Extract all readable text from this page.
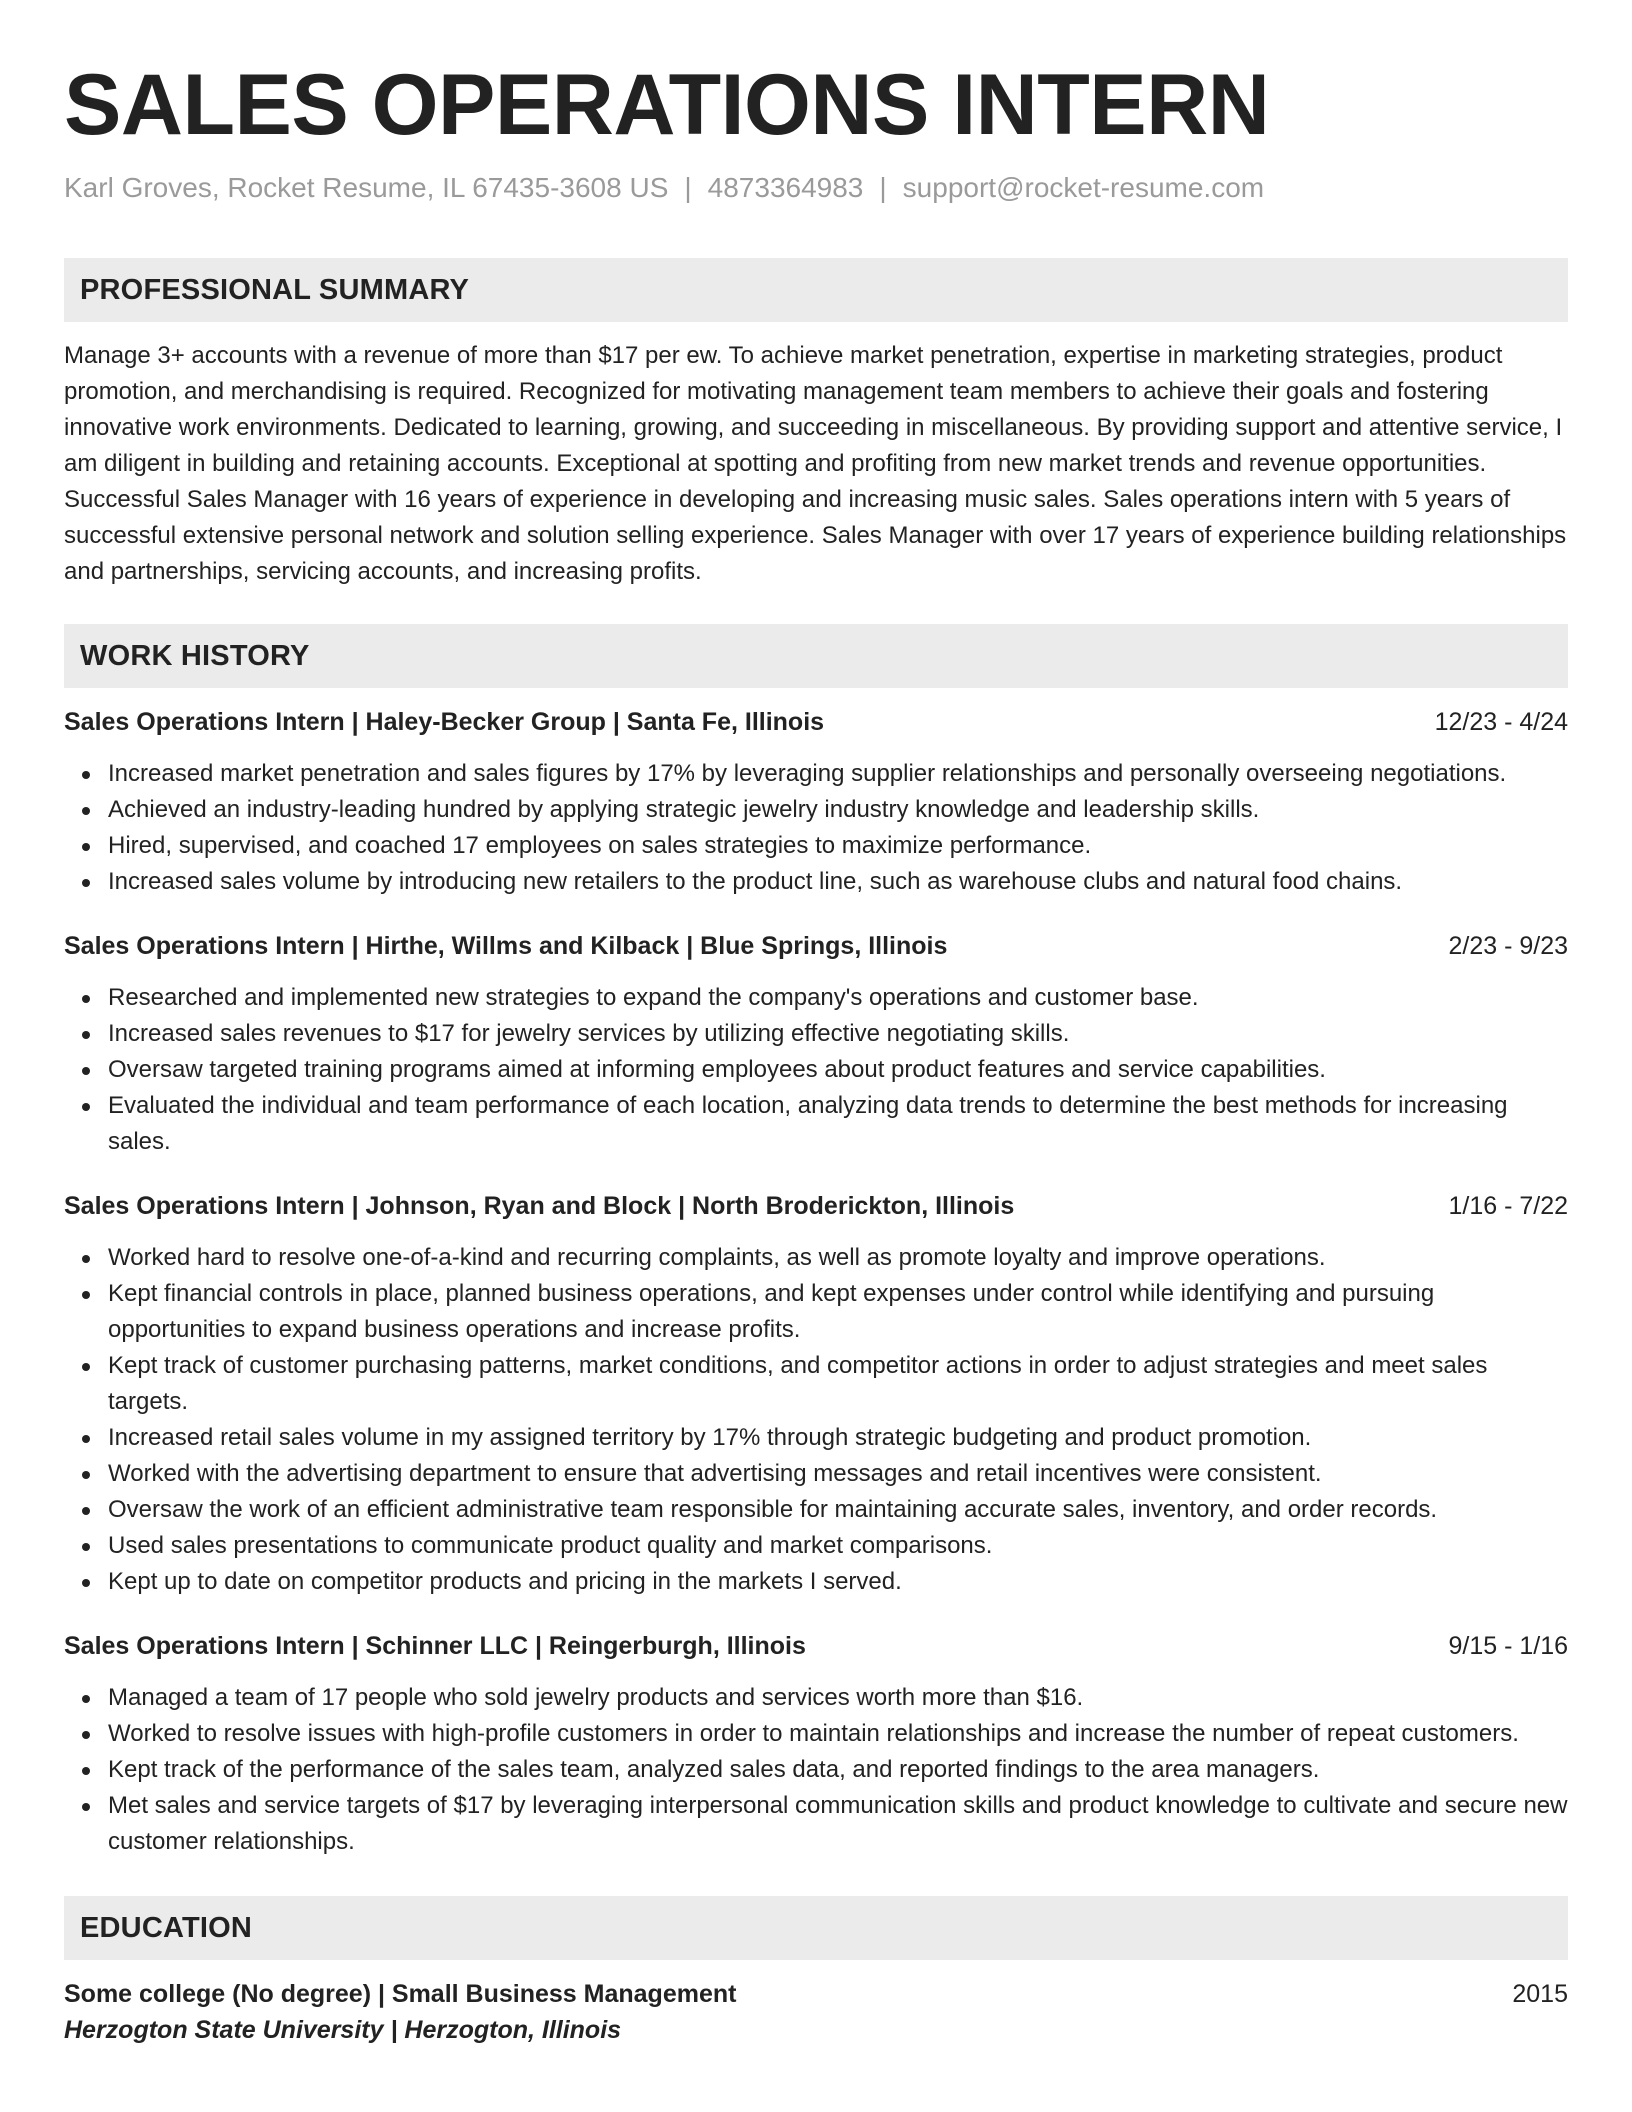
SALES OPERATIONS INTERN
Karl Groves, Rocket Resume, IL 67435-3608 US | 4873364983 | support@rocket-resume.com
PROFESSIONAL SUMMARY

Manage 3+ accounts with a revenue of more than $17 per ew. To achieve market penetration, expertise in marketing strategies, product promotion, and merchandising is required. Recognized for motivating management team members to achieve their goals and fostering innovative work environments. Dedicated to learning, growing, and succeeding in miscellaneous. By providing support and attentive service, I am diligent in building and retaining accounts. Exceptional at spotting and profiting from new market trends and revenue opportunities. Successful Sales Manager with 16 years of experience in developing and increasing music sales. Sales operations intern with 5 years of successful extensive personal network and solution selling experience. Sales Manager with over 17 years of experience building relationships and partnerships, servicing accounts, and increasing profits.

WORK HISTORY
Sales Operations Intern | Haley-Becker Group | Santa Fe, Illinois	12/23 - 4/24
Increased market penetration and sales figures by 17% by leveraging supplier relationships and personally overseeing negotiations.
Achieved an industry-leading hundred by applying strategic jewelry industry knowledge and leadership skills.
Hired, supervised, and coached 17 employees on sales strategies to maximize performance.
Increased sales volume by introducing new retailers to the product line, such as warehouse clubs and natural food chains.
Sales Operations Intern | Hirthe, Willms and Kilback | Blue Springs, Illinois	2/23 - 9/23
Researched and implemented new strategies to expand the company's operations and customer base.
Increased sales revenues to $17 for jewelry services by utilizing effective negotiating skills.
Oversaw targeted training programs aimed at informing employees about product features and service capabilities.
Evaluated the individual and team performance of each location, analyzing data trends to determine the best methods for increasing sales.
Sales Operations Intern | Johnson, Ryan and Block | North Broderickton, Illinois	1/16 - 7/22
Worked hard to resolve one-of-a-kind and recurring complaints, as well as promote loyalty and improve operations.
Kept financial controls in place, planned business operations, and kept expenses under control while identifying and pursuing opportunities to expand business operations and increase profits.
Kept track of customer purchasing patterns, market conditions, and competitor actions in order to adjust strategies and meet sales targets.
Increased retail sales volume in my assigned territory by 17% through strategic budgeting and product promotion.
Worked with the advertising department to ensure that advertising messages and retail incentives were consistent.
Oversaw the work of an efficient administrative team responsible for maintaining accurate sales, inventory, and order records.
Used sales presentations to communicate product quality and market comparisons.
Kept up to date on competitor products and pricing in the markets I served.
Sales Operations Intern | Schinner LLC | Reingerburgh, Illinois	9/15 - 1/16
Managed a team of 17 people who sold jewelry products and services worth more than $16.
Worked to resolve issues with high-profile customers in order to maintain relationships and increase the number of repeat customers.
Kept track of the performance of the sales team, analyzed sales data, and reported findings to the area managers.
Met sales and service targets of $17 by leveraging interpersonal communication skills and product knowledge to cultivate and secure new customer relationships.
EDUCATION
Some college (No degree) | Small Business Management	2015
Herzogton State University | Herzogton, Illinois
